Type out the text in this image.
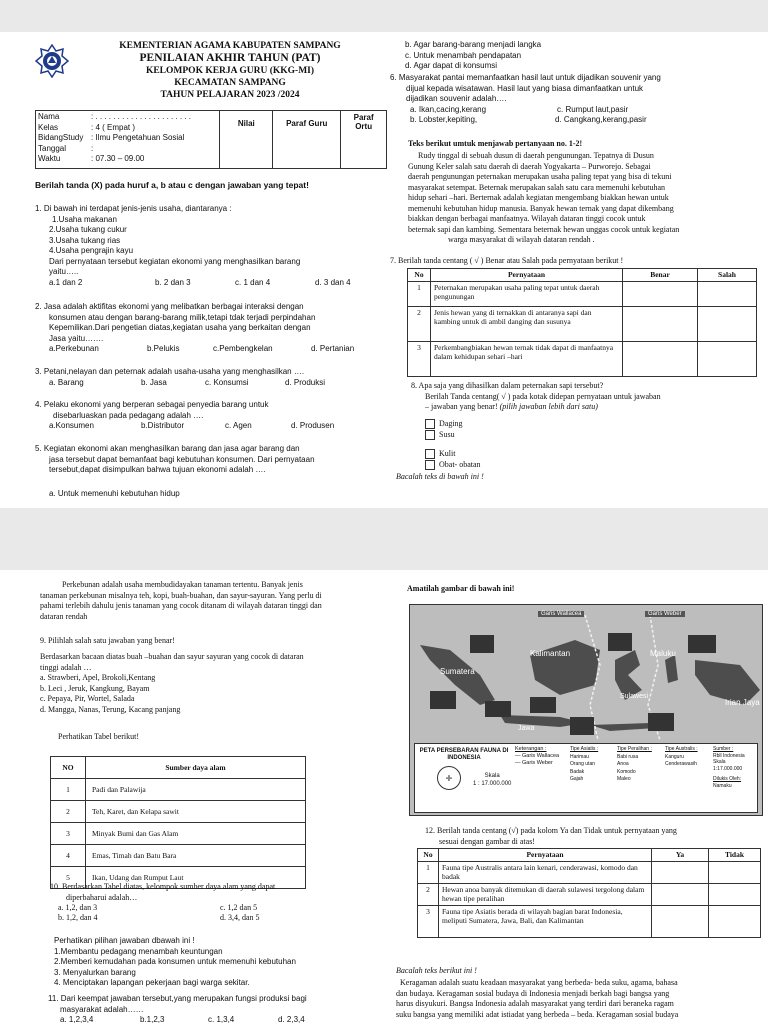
KEMENTERIAN AGAMA KABUPATEN SAMPANG
PENILAIAN AKHIR TAHUN (PAT)
KELOMPOK KERJA GURU (KKG-MI)
KECAMATAN SAMPANG
TAHUN PELAJARAN 2023 /2024
Nama	: . . . . . . . . . . . . . . . . . . . . . .
Kelas	: 4 ( Empat )
BidangStudy : Ilmu Pengetahuan Sosial
Tanggal	:
Waktu	: 07.30 – 09.00
	Nilai	Paraf Guru	Paraf Ortu
Berilah tanda (X) pada huruf a, b atau c dengan jawaban yang tepat!
1. Di bawah ini terdapat jenis-jenis usaha, diantaranya :
1.Usaha makanan
2.Usaha tukang cukur
3.Usaha tukang rias
4.Usaha pengrajin kayu
Dari pernyataan tersebut kegiatan ekonomi yang menghasilkan barang
yaitu…..
a.1 dan 2	b. 2 dan 3	c. 1 dan 4	d. 3 dan 4
2. Jasa adalah aktifitas ekonomi yang melibatkan berbagai interaksi dengan
konsumen atau dengan barang-barang milik,tetapi tdak terjadi perpindahan
Kepemilikan.Dari pengetian diatas,kegiatan usaha yang berkaitan dengan
Jasa yaitu…….
a.Perkebunan	b.Pelukis	c.Pembengkelan	d. Pertanian
3. Petani,nelayan dan peternak adalah usaha-usaha yang menghasilkan ….
a. Barang	b. Jasa	c. Konsumsi	d. Produksi
4. Pelaku ekonomi yang berperan sebagai penyedia barang untuk
disebarluaskan pada pedagang adalah ….
a.Konsumen	b.Distributor	c. Agen	d. Produsen
5. Kegiatan ekonomi akan menghasilkan barang dan jasa agar barang dan
jasa tersebut dapat bemanfaat bagi kebutuhan konsumen. Dari pernyataan
tersebut,dapat disimpulkan bahwa tujuan ekonomi adalah ….
a. Untuk memenuhi kebutuhan hidup
b. Agar barang-barang menjadi langka
c. Untuk menambah pendapatan
d. Agar dapat di konsumsi
6. Masyarakat pantai memanfaatkan hasil laut untuk dijadikan souvenir yang
dijual kepada wisatawan. Hasil laut yang biasa dimanfaatkan untuk
dijadikan souvenir adalah….
a. Ikan,cacing,kerang	c. Rumput laut,pasir
b. Lobster,kepiting,	d. Cangkang,kerang,pasir
Teks berikut umtuk menjawab pertanyaan no. 1-2!
Rudy tinggal di sebuah dusun di daerah pengunungan. Tepatnya di Dusun
Gunung Keler salah satu daerah di daerah Yogyakarta – Purworejo. Sebagai
daerah pengunungan peternakan merupakan usaha paling tepat yang bisa di tekuni
masyarakat setempat. Beternak merupakan salah satu cara memenuhi kebutuhan
hidup sehari –hari. Berternak adalah kegiatan mengembang biakkan hewan untuk
memenuhi kebutuhan hidup manusia. Banyak hewan ternak yang dapat dikembang
biakkan dengan berbagai manfaatnya. Wilayah dataran tinggi cocok untuk
beternak sapi dan kambing. Sementara beternak hewan unggas cocok untuk kegiatan
warga masyarakat di wilayah dataran rendah .
7. Berilah tanda centang ( √ ) Benar atau Salah pada pernyataan berikut !
No	Pernyataan	Benar	Salah
1	Peternakan merupakan usaha paling tepat untuk daerah pengunungan		
2	Jenis hewan yang di ternakkan di antaranya sapi dan kambing untuk di ambil danging dan susunya		
3	Perkembangbiakan hewan ternak tidak dapat di manfaatnya dalam kehidupan sehari –hari		
8. Apa saja yang dihasilkan dalam peternakan sapi tersebut?
Berilah Tanda centang( √ ) pada kotak didepan pernyataan untuk jawaban
– jawaban yang benar! (pilih jawaban lebih dari satu)
Daging
Susu
Kulit
Obat- obatan
Bacalah teks di bawah ini !
Perkebunan adalah usaha membudidayakan tanaman tertentu. Banyak jenis
tanaman perkebunan misalnya teh, kopi, buah-buahan, dan sayur-sayuran. Yang perlu di
pahami terlebih dahulu jenis tanaman yang cocok ditanam di wilayah dataran tinggi dan
dataran rendah
9. Pilihlah salah satu jawaban yang benar!
Berdasarkan bacaan diatas buah –buahan dan sayur sayuran yang cocok di dataran
tinggi adalah …
a. Strawberi, Apel, Brokoli,Kentang
b. Leci , Jeruk, Kangkung, Bayam
c. Pepaya, Pir, Wortel, Salada
d. Mangga, Nanas, Terung, Kacang panjang
Perhatikan Tabel berikut!
NO	Sumber daya alam
1	Padi dan Palawija
2	Teh, Karet, dan Kelapa sawit
3	Minyak Bumi dan Gas Alam
4	Emas, Timah dan Batu Bara
5	Ikan, Udang dan Rumput Laut
10. Berdasarkan Tabel diatas, kelompok sumber daya alam yang dapat
diperbaharui adalah…
a. 1,2, dan 3	c. 1,2 dan 5
b. 1,2, dan 4	d. 3,4, dan 5
Perhatikan pilihan jawaban dbawah ini !
1.Membantu pedagang menambah keuntungan
2.Memberi kemudahan pada konsumen untuk memenuhi kebutuhan
3. Menyalurkan barang
4. Menciptakan lapangan pekerjaan bagi warga sekitar.
11. Dari keempat jawaban tersebut,yang merupakan fungsi produksi bagi
masyarakat adalah……
a. 1,2,3,4	b.1,2,3	c. 1,3,4	d. 2,3,4
Amatilah gambar di bawah ini!
Garis Wallacea	Garis Weber
Sumatera
Kalimantan
Sulawesi
Maluku
Irian Jaya
Jawa
PETA PERSEBARAN FAUNA DI INDONESIA
✛	Skala
1 : 17.000.000
Keterangan :
― Garis Wallacea
― Garis Weber
Tipe Asiatis :
Harimau
Orang utan
Badak
Gajah
Tipe Peralihan :
Babi rusa
Anoa
Komodo
Maleo
Tipe Australis :
Kanguru
Cenderawasih
Sumber :
Rbll Indonesia Skala 1:17.000.000
Dilukis Oleh:
Namaku
12. Berilah tanda centang (√) pada kolom Ya dan Tidak untuk pernyataan yang
sesuai dengan gambar di atas!
No	Pernyataan	Ya	Tidak
1	Fauna tipe Australis antara lain kenari, cenderawasi, komodo dan badak		
2	Hewan anoa banyak ditemukan di daerah sulawesi tergolong dalam hewan tipe peralihan		
3	Fauna tipe Asiatis berada di wilayah bagian barat Indonesia, meliputi Sumatera, Jawa, Bali, dan Kalimantan		
Bacalah teks berikut ini !
Keragaman adalah suatu keadaan masyarakat yang berbeda- beda suku, agama, bahasa
dan budaya. Keragaman sosial budaya di Indonesia menjadi berkah bagi bangsa yang
harus disyukuri. Bangsa Indonesia adalah masyarakat yang terdiri dari beraneka ragam
suku bangsa yang memiliki adat istiadat yang berbeda – beda. Keragaman sosial budaya
